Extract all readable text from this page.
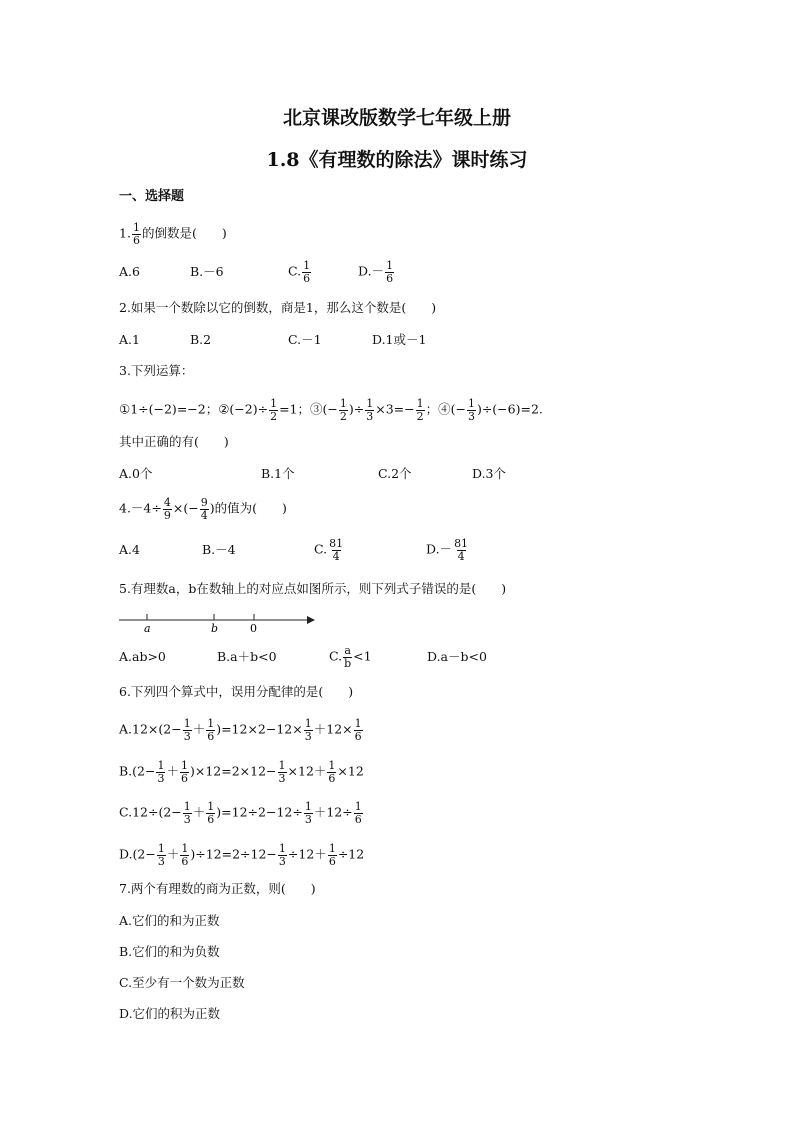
北京课改版数学七年级上册
1.8《有理数的除法》课时练习
一、选择题
1. $\frac{1}{6}$ 的倒数是(　　)
A.6	B.－6	C. $\frac{1}{6}$	$D.- \frac{1}{6}$
2.如果一个数除以它的倒数，商是1，那么这个数是(　　)
A.1	B.2	C.－1	D.1或－1
3.下列运算：
①1÷(−2)=−2；②(−2)÷ $\frac{1}{2} =1$；③(− $\frac{1}{2}$ )÷ $\frac{1}{3} \times 3=- \frac{1}{2}$ ；④(− $\frac{1}{3} )\div(-6)=2$.
其中正确的有(　　)
A.0个	B.1个	C.2个	D.3个
$4.-4\div \frac{4}{9}$ ×(− $\frac{9}{4}$ )的值为(　　)
A.4	B.－4	C. $\frac{81}{4}$	$D.- \frac{81}{4}$
5.有理数a，b在数轴上的对应点如图所示，则下列式子错误的是(　　)
a	b	0
A.ab>0	B.a＋b<0	C. $\frac{a}{b} <1$	D.a－b<0
6.下列四个算式中，误用分配律的是(　　)
$A.12\times(2- \frac{1}{3} + \frac{1}{6} )=12\times 2-12\times \frac{1}{3} +12\times \frac{1}{6}$
$B.(2- \frac{1}{3} + \frac{1}{6} )\times 12=2\times 12- \frac{1}{3} \times 12+ \frac{1}{6} \times 12$
$C.12\div(2- \frac{1}{3} + \frac{1}{6} )=12\div 2-12\div \frac{1}{3} +12\div \frac{1}{6}$
$D.(2- \frac{1}{3} + \frac{1}{6} )\div 12=2\div 12- \frac{1}{3} \div 12+ \frac{1}{6} \div 12$
7.两个有理数的商为正数，则(　　)
A.它们的和为正数
B.它们的和为负数
C.至少有一个数为正数
D.它们的积为正数
